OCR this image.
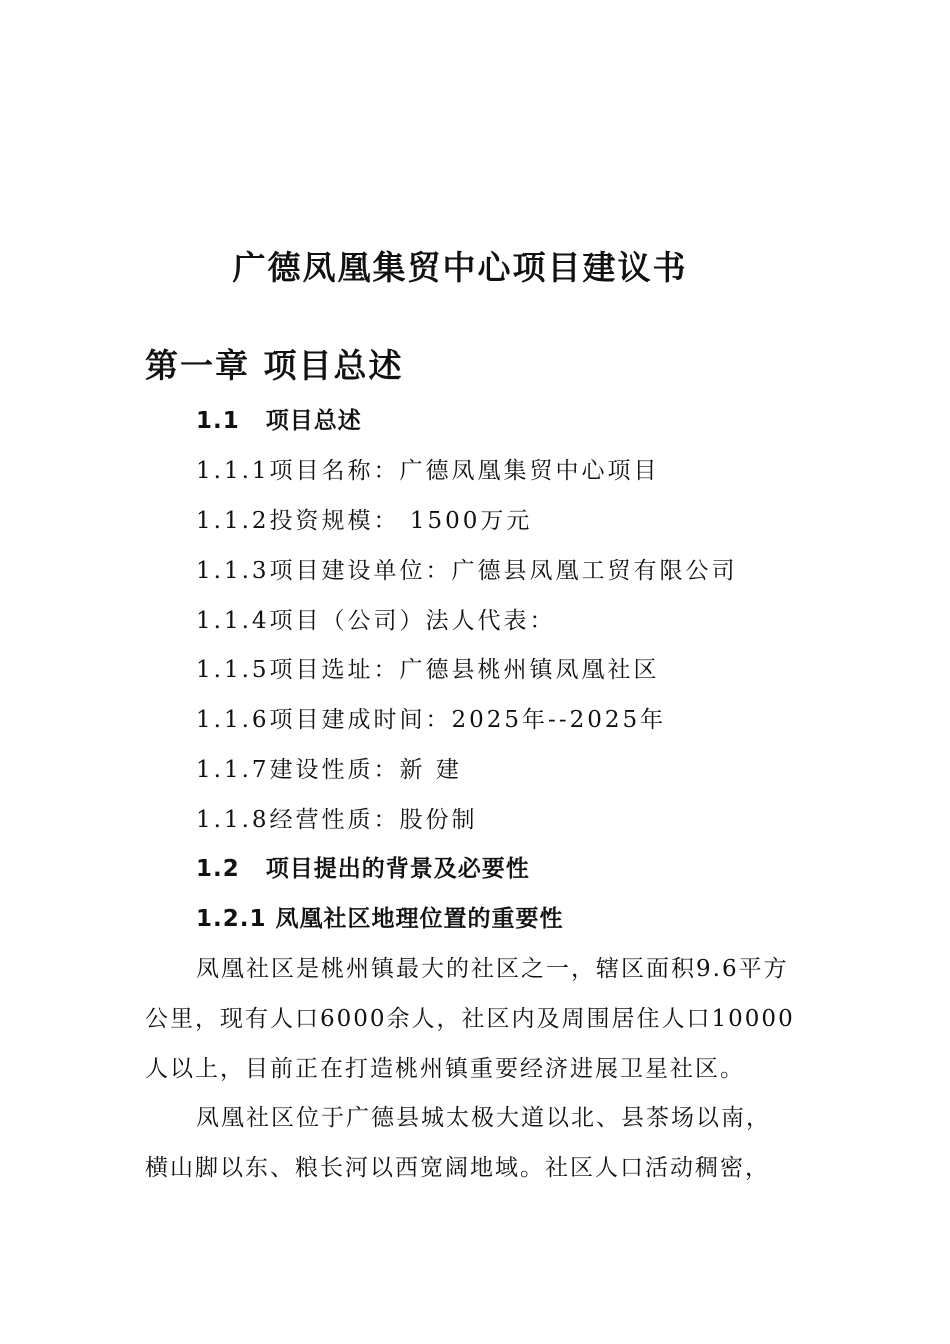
广德凤凰集贸中心项目建议书
第一章 项目总述
1.1 项目总述
1.1.1项目名称：广德凤凰集贸中心项目
1.1.2投资规模： 1500万元
1.1.3项目建设单位：广德县凤凰工贸有限公司
1.1.4项目（公司）法人代表：
1.1.5项目选址：广德县桃州镇凤凰社区
1.1.6项目建成时间：2025年--2025年
1.1.7建设性质：新 建
1.1.8经营性质：股份制
1.2 项目提出的背景及必要性
1.2.1 凤凰社区地理位置的重要性
凤凰社区是桃州镇最大的社区之一，辖区面积9.6平方
公里，现有人口6000余人，社区内及周围居住人口10000
人以上，目前正在打造桃州镇重要经济进展卫星社区。
凤凰社区位于广德县城太极大道以北、县茶场以南，
横山脚以东、粮长河以西宽阔地域。社区人口活动稠密，
